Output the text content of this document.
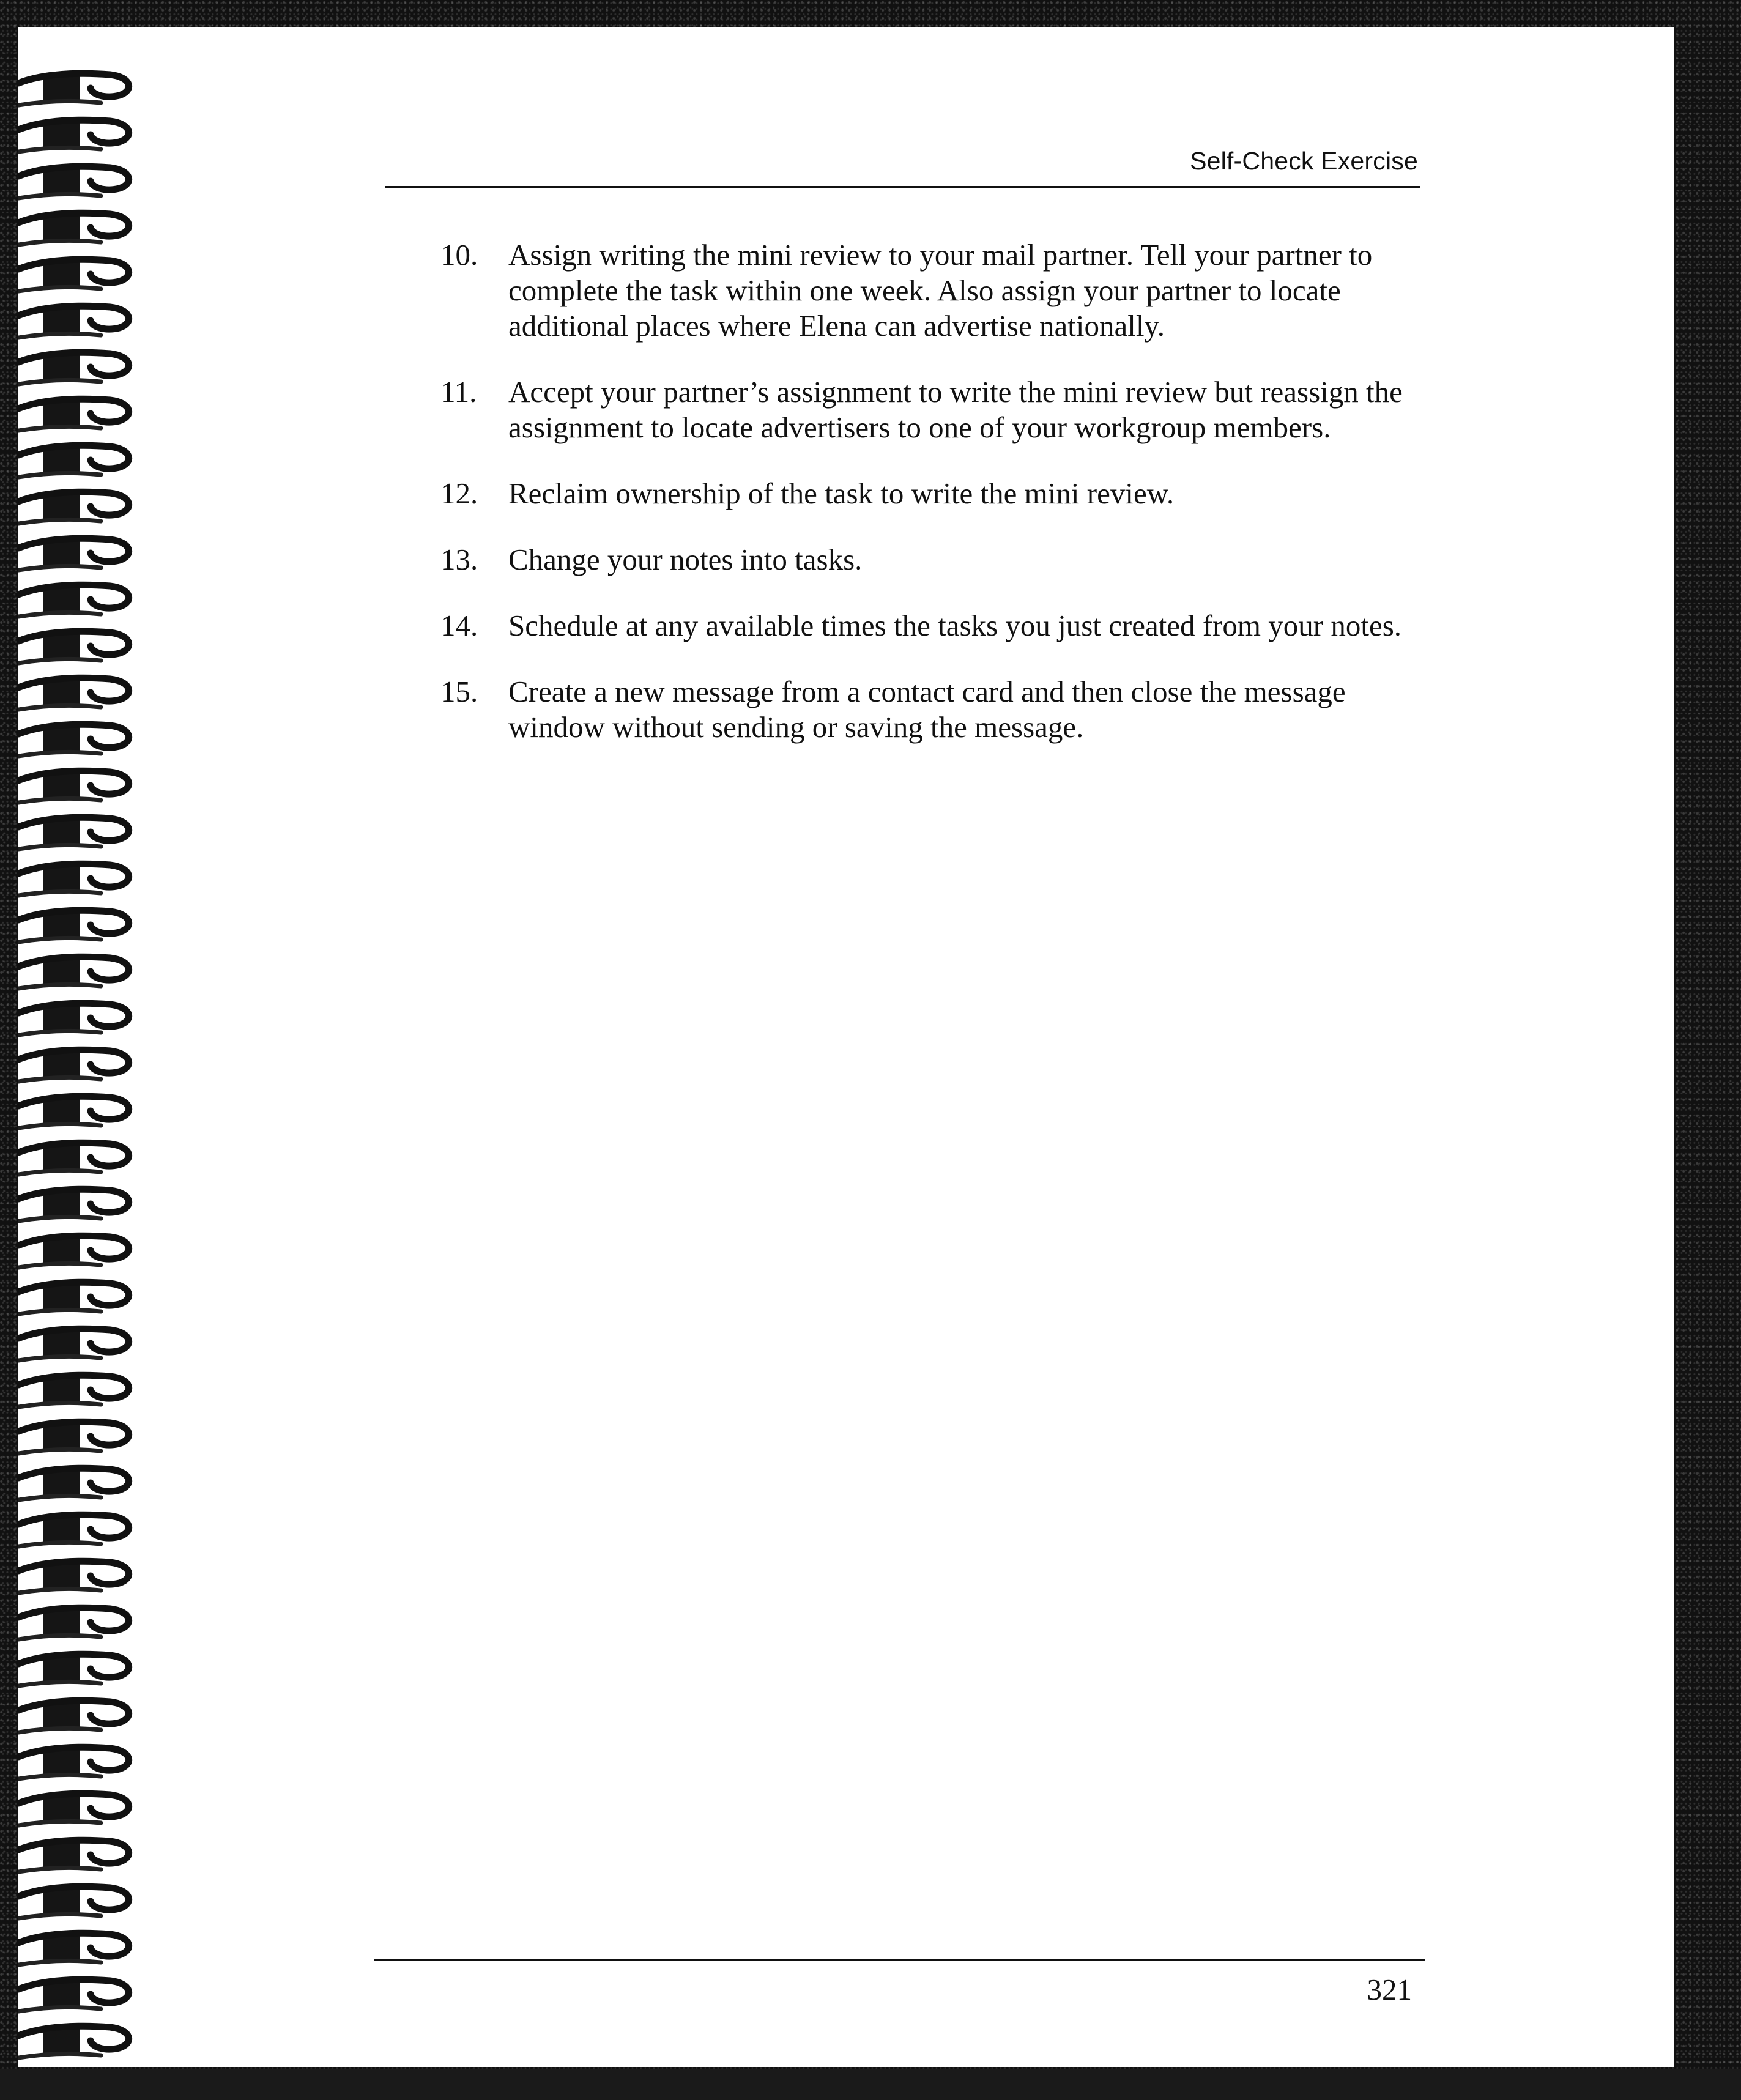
Self-Check Exercise
10.	Assign writing the mini review to your mail partner. Tell your partner to complete the task within one week. Also assign your partner to locate additional places where Elena can advertise nationally.
11.	Accept your partner’s assignment to write the mini review but reassign the assignment to locate advertisers to one of your workgroup members.
12.	Reclaim ownership of the task to write the mini review.
13.	Change your notes into tasks.
14.	Schedule at any available times the tasks you just created from your notes.
15.	Create a new message from a contact card and then close the message window without sending or saving the message.
321
